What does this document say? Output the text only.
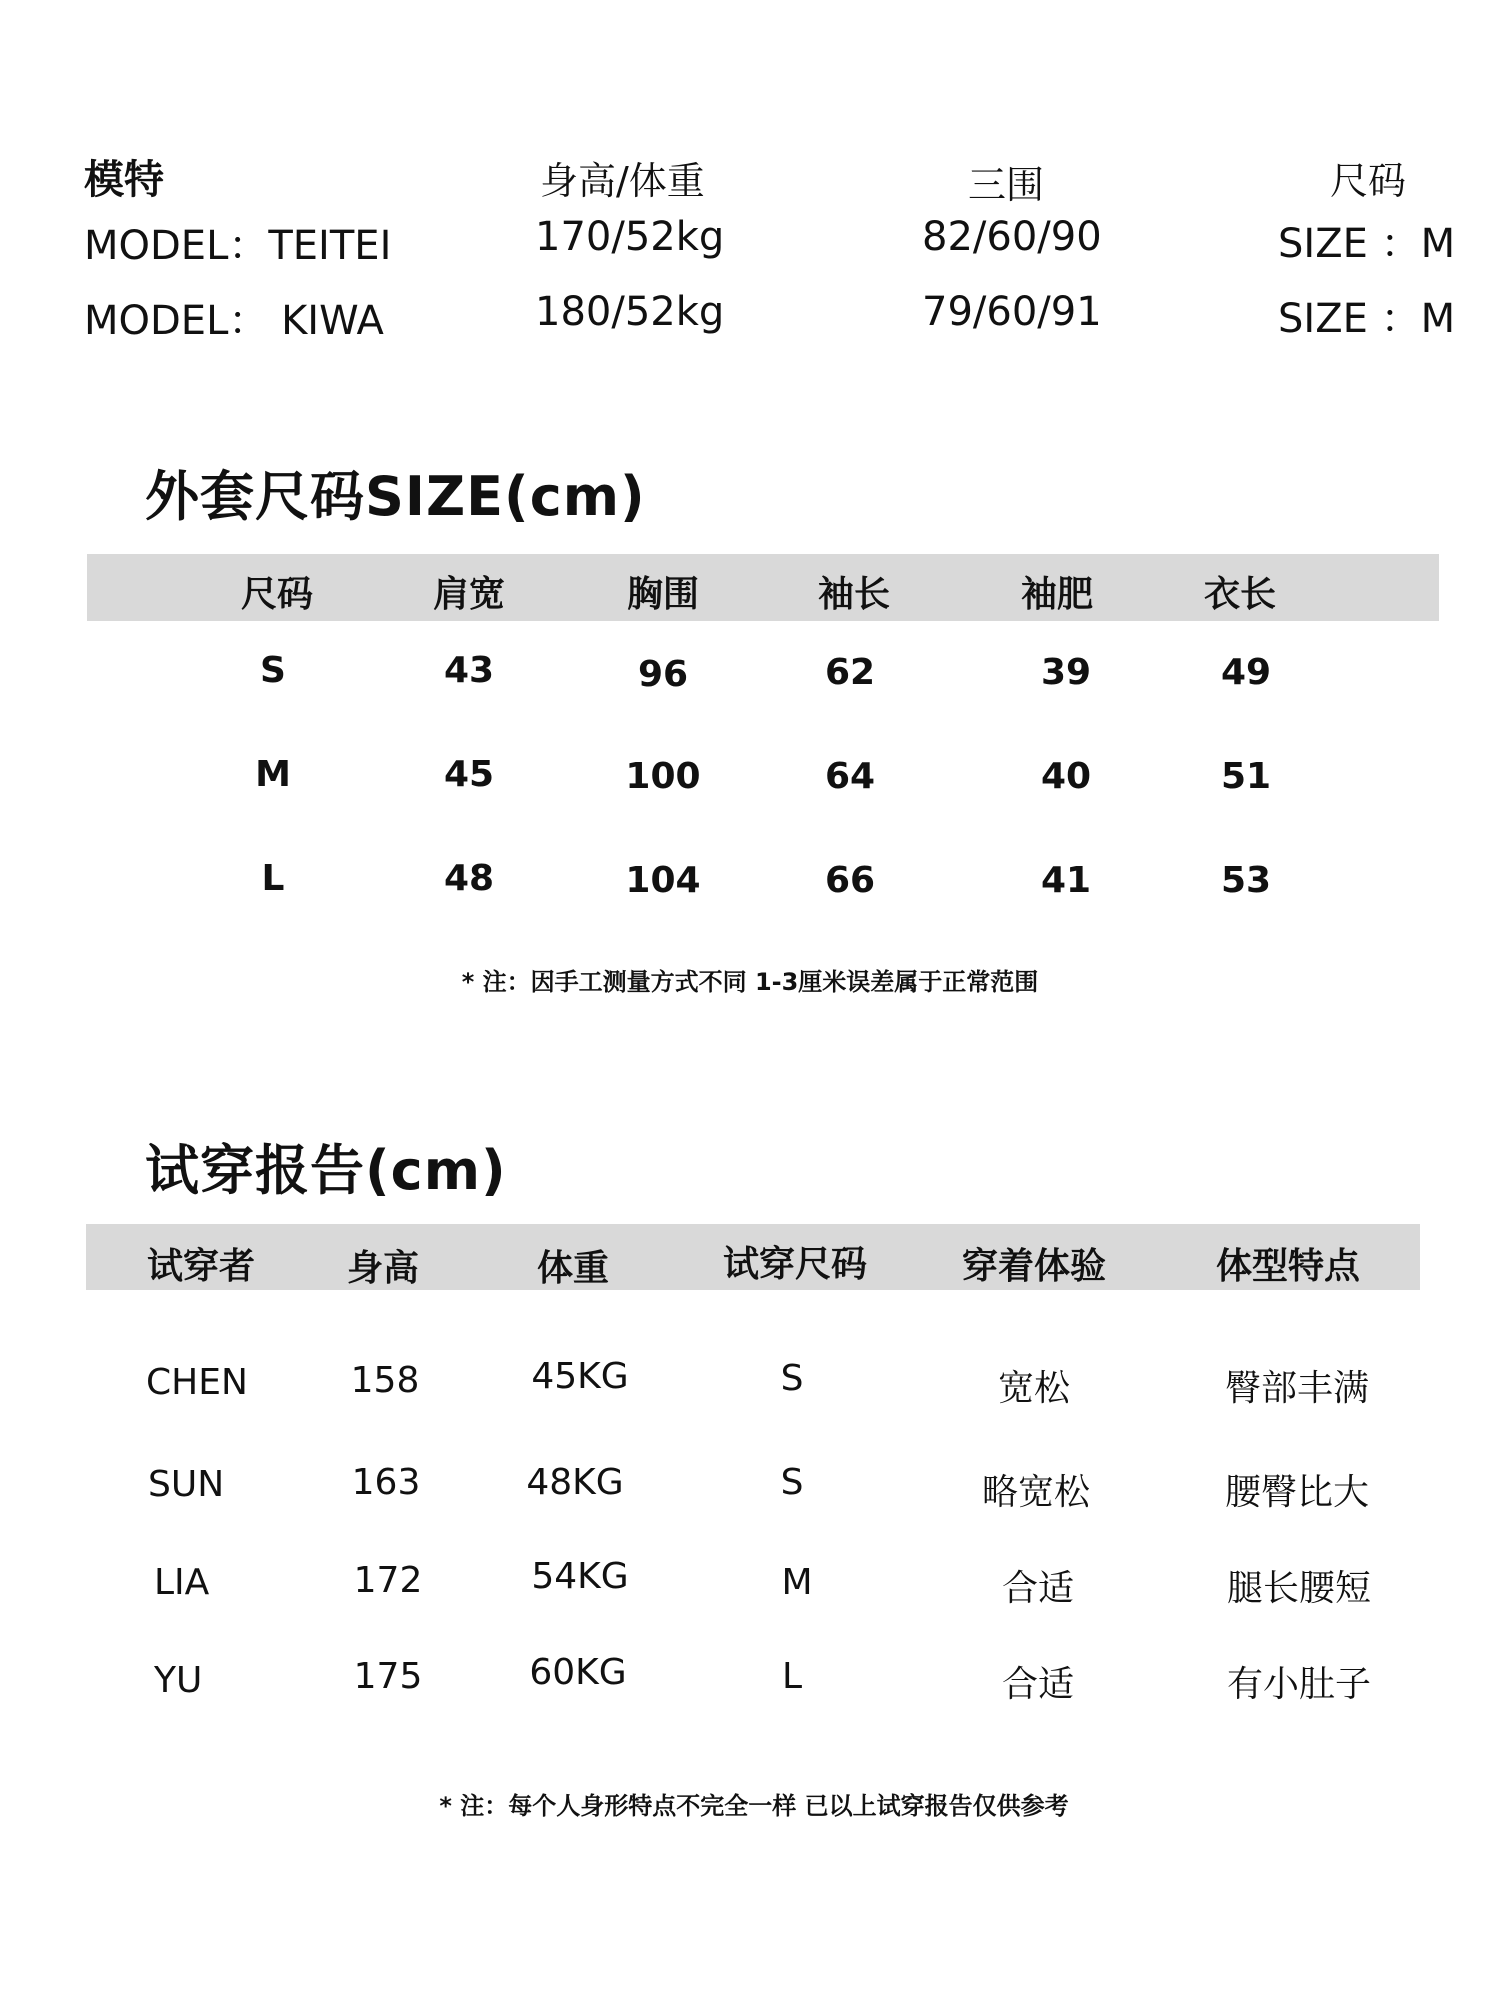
模特	身高/体重	三围	尺码
MODEL：TEITEI	170/52kg	82/60/90	SIZE ：M
MODEL： KIWA	180/52kg	79/60/91	SIZE ：M
外套尺码SIZE(cm)
尺码	肩宽	胸围	袖长	袖肥	衣长
S	43	96	62	39	49
M	45	100	64	40	51
L	48	104	66	41	53
* 注：因手工测量方式不同 1-3厘米误差属于正常范围
试穿报告(cm)
试穿者	身高	体重	试穿尺码	穿着体验	体型特点
CHEN	158	45KG	S	宽松	臀部丰满
SUN	163	48KG	S	略宽松	腰臀比大
LIA	172	54KG	M	合适	腿长腰短
YU	175	60KG	L	合适	有小肚子
* 注：每个人身形特点不完全一样 已以上试穿报告仅供参考
